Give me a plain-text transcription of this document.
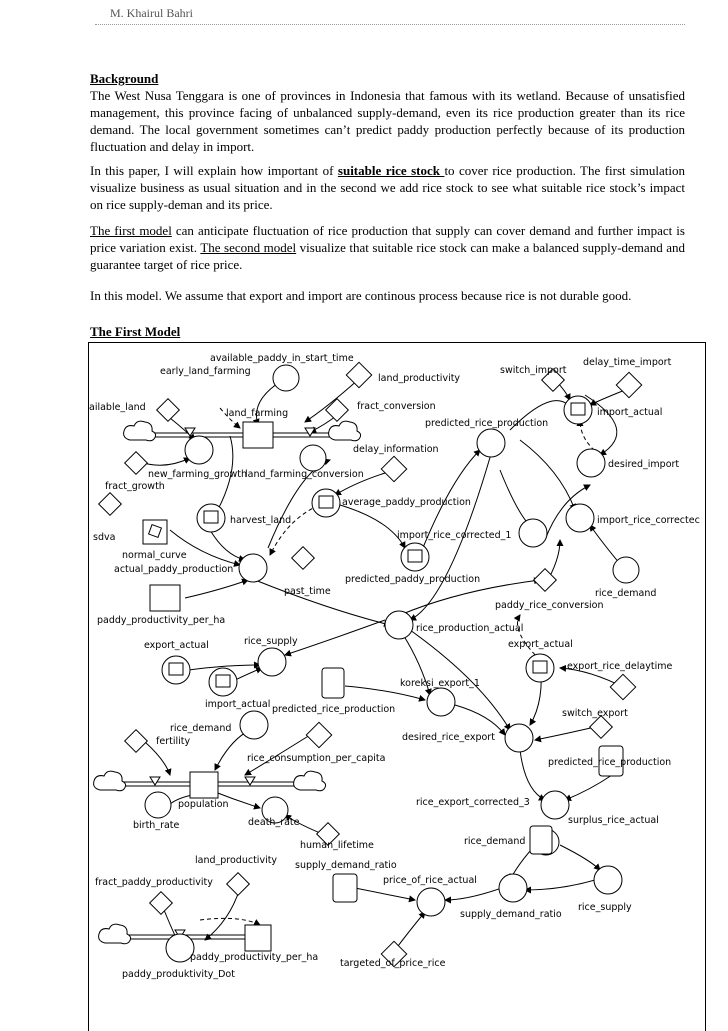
M. Khairul Bahri
Background
The West Nusa Tenggara is one of provinces in Indonesia that famous with its wetland. Because of unsatisfied management, this province facing of unbalanced supply-demand, even its rice production greater than its rice demand. The local government sometimes can’t predict paddy production perfectly because of its production fluctuation and delay in import.
In this paper, I will explain how important of suitable rice stock to cover rice production. The first simulation visualize business as usual situation and in the second we add rice stock to see what suitable rice stock’s impact on rice supply-deman and its price.
The first model can anticipate fluctuation of rice production that supply can cover demand and further impact is price variation exist. The second model visualize that suitable rice stock can make a balanced supply-demand and guarantee target of rice price.
In this model. We assume that export and import are continous process because rice is not durable good.
The First Model
available_paddy_in_start_time
early_land_farming
land_productivity
switch_import
delay_time_import
ailable_land
land_farming
fract_conversion
import_actual
predicted_rice_production
delay_information
desired_import
new_farming_growth
land_farming_conversion
fract_growth
average_paddy_production
harvest_land	import_rice_correctec
sdva	import_rice_corrected_1
normal_curve
actual_paddy_production
predicted_paddy_production
past_time	rice_demand
paddy_rice_conversion
paddy_productivity_per_ha
rice_production_actual
export_actual	rice_supply	export_actual
export_rice_delaytime
koreksi_export_1
import_actual predicted_rice_production	switch_export
rice_demand
desired_rice_export
fertility
rice_consumption_per_capita	predicted_rice_production
population	rice_export_corrected_3
birth_rate	death_rate	surplus_rice_actual
human_lifetime	rice_demand
land_productivity supply_demand_ratio
fract_paddy_productivity	price_of_rice_actual
rice_supply
supply_demand_ratio
paddy_productivity_per_ha
targeted_of_price_rice
paddy_produktivity_Dot
